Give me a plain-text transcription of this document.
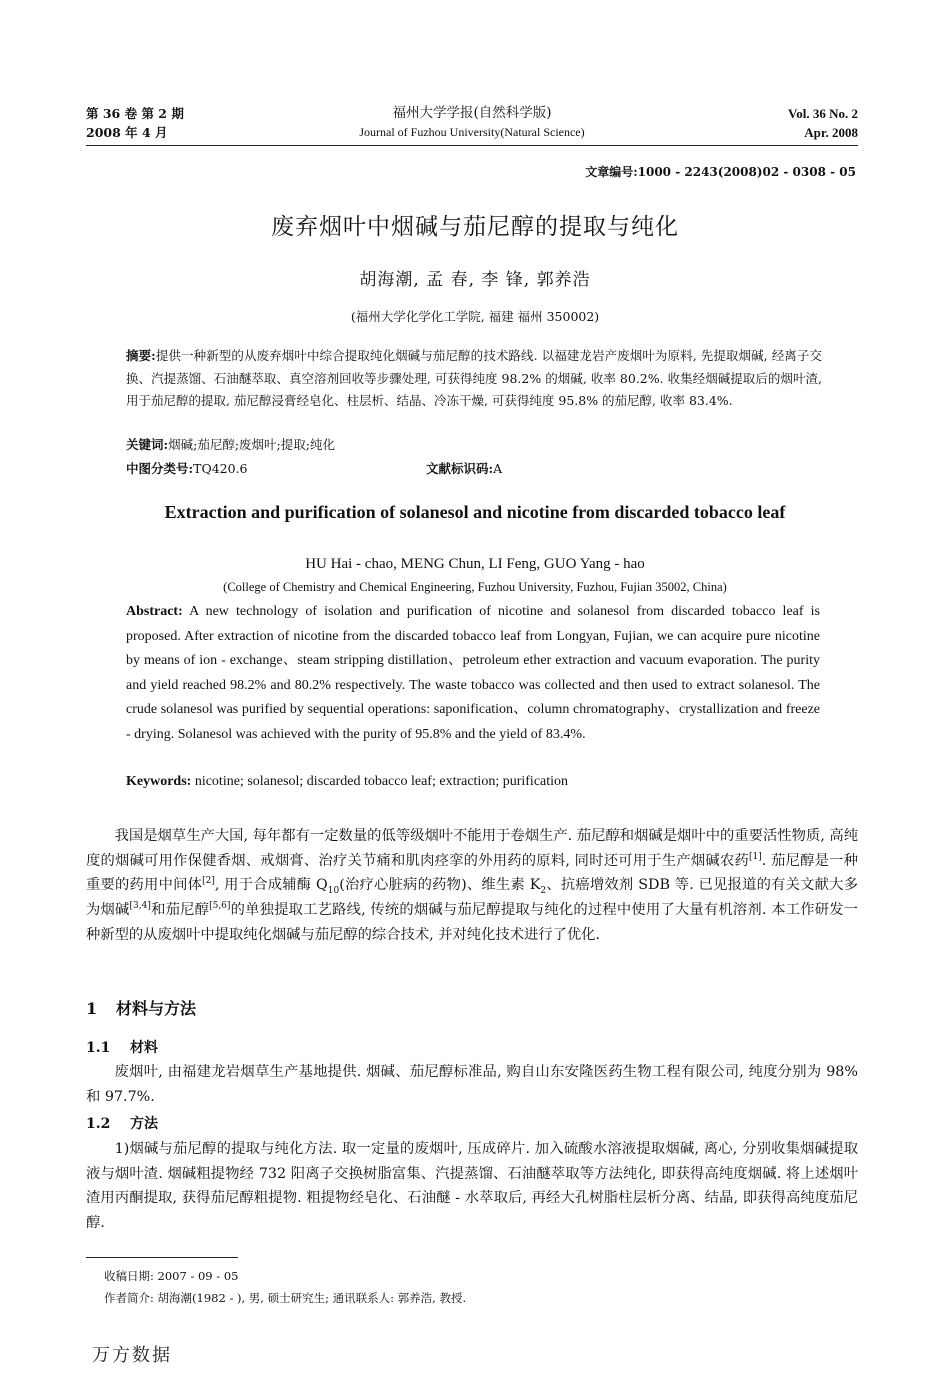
第 36 卷 第 2 期
2008 年 4 月
福州大学学报(自然科学版)
Journal of Fuzhou University(Natural Science)
Vol. 36 No. 2
Apr. 2008
文章编号:1000 - 2243(2008)02 - 0308 - 05
废弃烟叶中烟碱与茄尼醇的提取与纯化
胡海潮, 孟 春, 李 锋, 郭养浩
(福州大学化学化工学院, 福建 福州 350002)
摘要:提供一种新型的从废弃烟叶中综合提取纯化烟碱与茄尼醇的技术路线. 以福建龙岩产废烟叶为原料, 先提取烟碱, 经离子交换、汽提蒸馏、石油醚萃取、真空溶剂回收等步骤处理, 可获得纯度 98.2% 的烟碱, 收率 80.2%. 收集经烟碱提取后的烟叶渣, 用于茄尼醇的提取, 茄尼醇浸膏经皂化、柱层析、结晶、冷冻干燥, 可获得纯度 95.8% 的茄尼醇, 收率 83.4%.
关键词:烟碱;茄尼醇;废烟叶;提取;纯化
中图分类号:TQ420.6	文献标识码:A
Extraction and purification of solanesol and nicotine from discarded tobacco leaf
HU Hai - chao, MENG Chun, LI Feng, GUO Yang - hao
(College of Chemistry and Chemical Engineering, Fuzhou University, Fuzhou, Fujian 35002, China)
Abstract: A new technology of isolation and purification of nicotine and solanesol from discarded tobacco leaf is proposed. After extraction of nicotine from the discarded tobacco leaf from Longyan, Fujian, we can acquire pure nicotine by means of ion - exchange、steam stripping distillation、petroleum ether extraction and vacuum evaporation. The purity and yield reached 98.2% and 80.2% respectively. The waste tobacco was collected and then used to extract solanesol. The crude solanesol was purified by sequential operations: saponification、column chromatography、crystallization and freeze - drying. Solanesol was achieved with the purity of 95.8% and the yield of 83.4%.
Keywords: nicotine; solanesol; discarded tobacco leaf; extraction; purification
我国是烟草生产大国, 每年都有一定数量的低等级烟叶不能用于卷烟生产. 茄尼醇和烟碱是烟叶中的重要活性物质, 高纯度的烟碱可用作保健香烟、戒烟膏、治疗关节痛和肌肉痉挛的外用药的原料, 同时还可用于生产烟碱农药[1]. 茄尼醇是一种重要的药用中间体[2], 用于合成辅酶 $Q_{10}$(治疗心脏病的药物)、维生素 $K_2$、抗癌增效剂 SDB 等. 已见报道的有关文献大多为烟碱[3,4]和茄尼醇[5,6]的单独提取工艺路线, 传统的烟碱与茄尼醇提取与纯化的过程中使用了大量有机溶剂. 本工作研发一种新型的从废烟叶中提取纯化烟碱与茄尼醇的综合技术, 并对纯化技术进行了优化.
1 材料与方法
1.1 材料
废烟叶, 由福建龙岩烟草生产基地提供. 烟碱、茄尼醇标准品, 购自山东安隆医药生物工程有限公司, 纯度分别为 98% 和 97.7%.
1.2 方法
1)烟碱与茄尼醇的提取与纯化方法. 取一定量的废烟叶, 压成碎片. 加入硫酸水溶液提取烟碱, 离心, 分别收集烟碱提取液与烟叶渣. 烟碱粗提物经 732 阳离子交换树脂富集、汽提蒸馏、石油醚萃取等方法纯化, 即获得高纯度烟碱. 将上述烟叶渣用丙酮提取, 获得茄尼醇粗提物. 粗提物经皂化、石油醚 - 水萃取后, 再经大孔树脂柱层析分离、结晶, 即获得高纯度茄尼醇.
收稿日期: 2007 - 09 - 05
作者简介: 胡海潮(1982 - ), 男, 硕士研究生; 通讯联系人: 郭养浩, 教授.
万方数据
